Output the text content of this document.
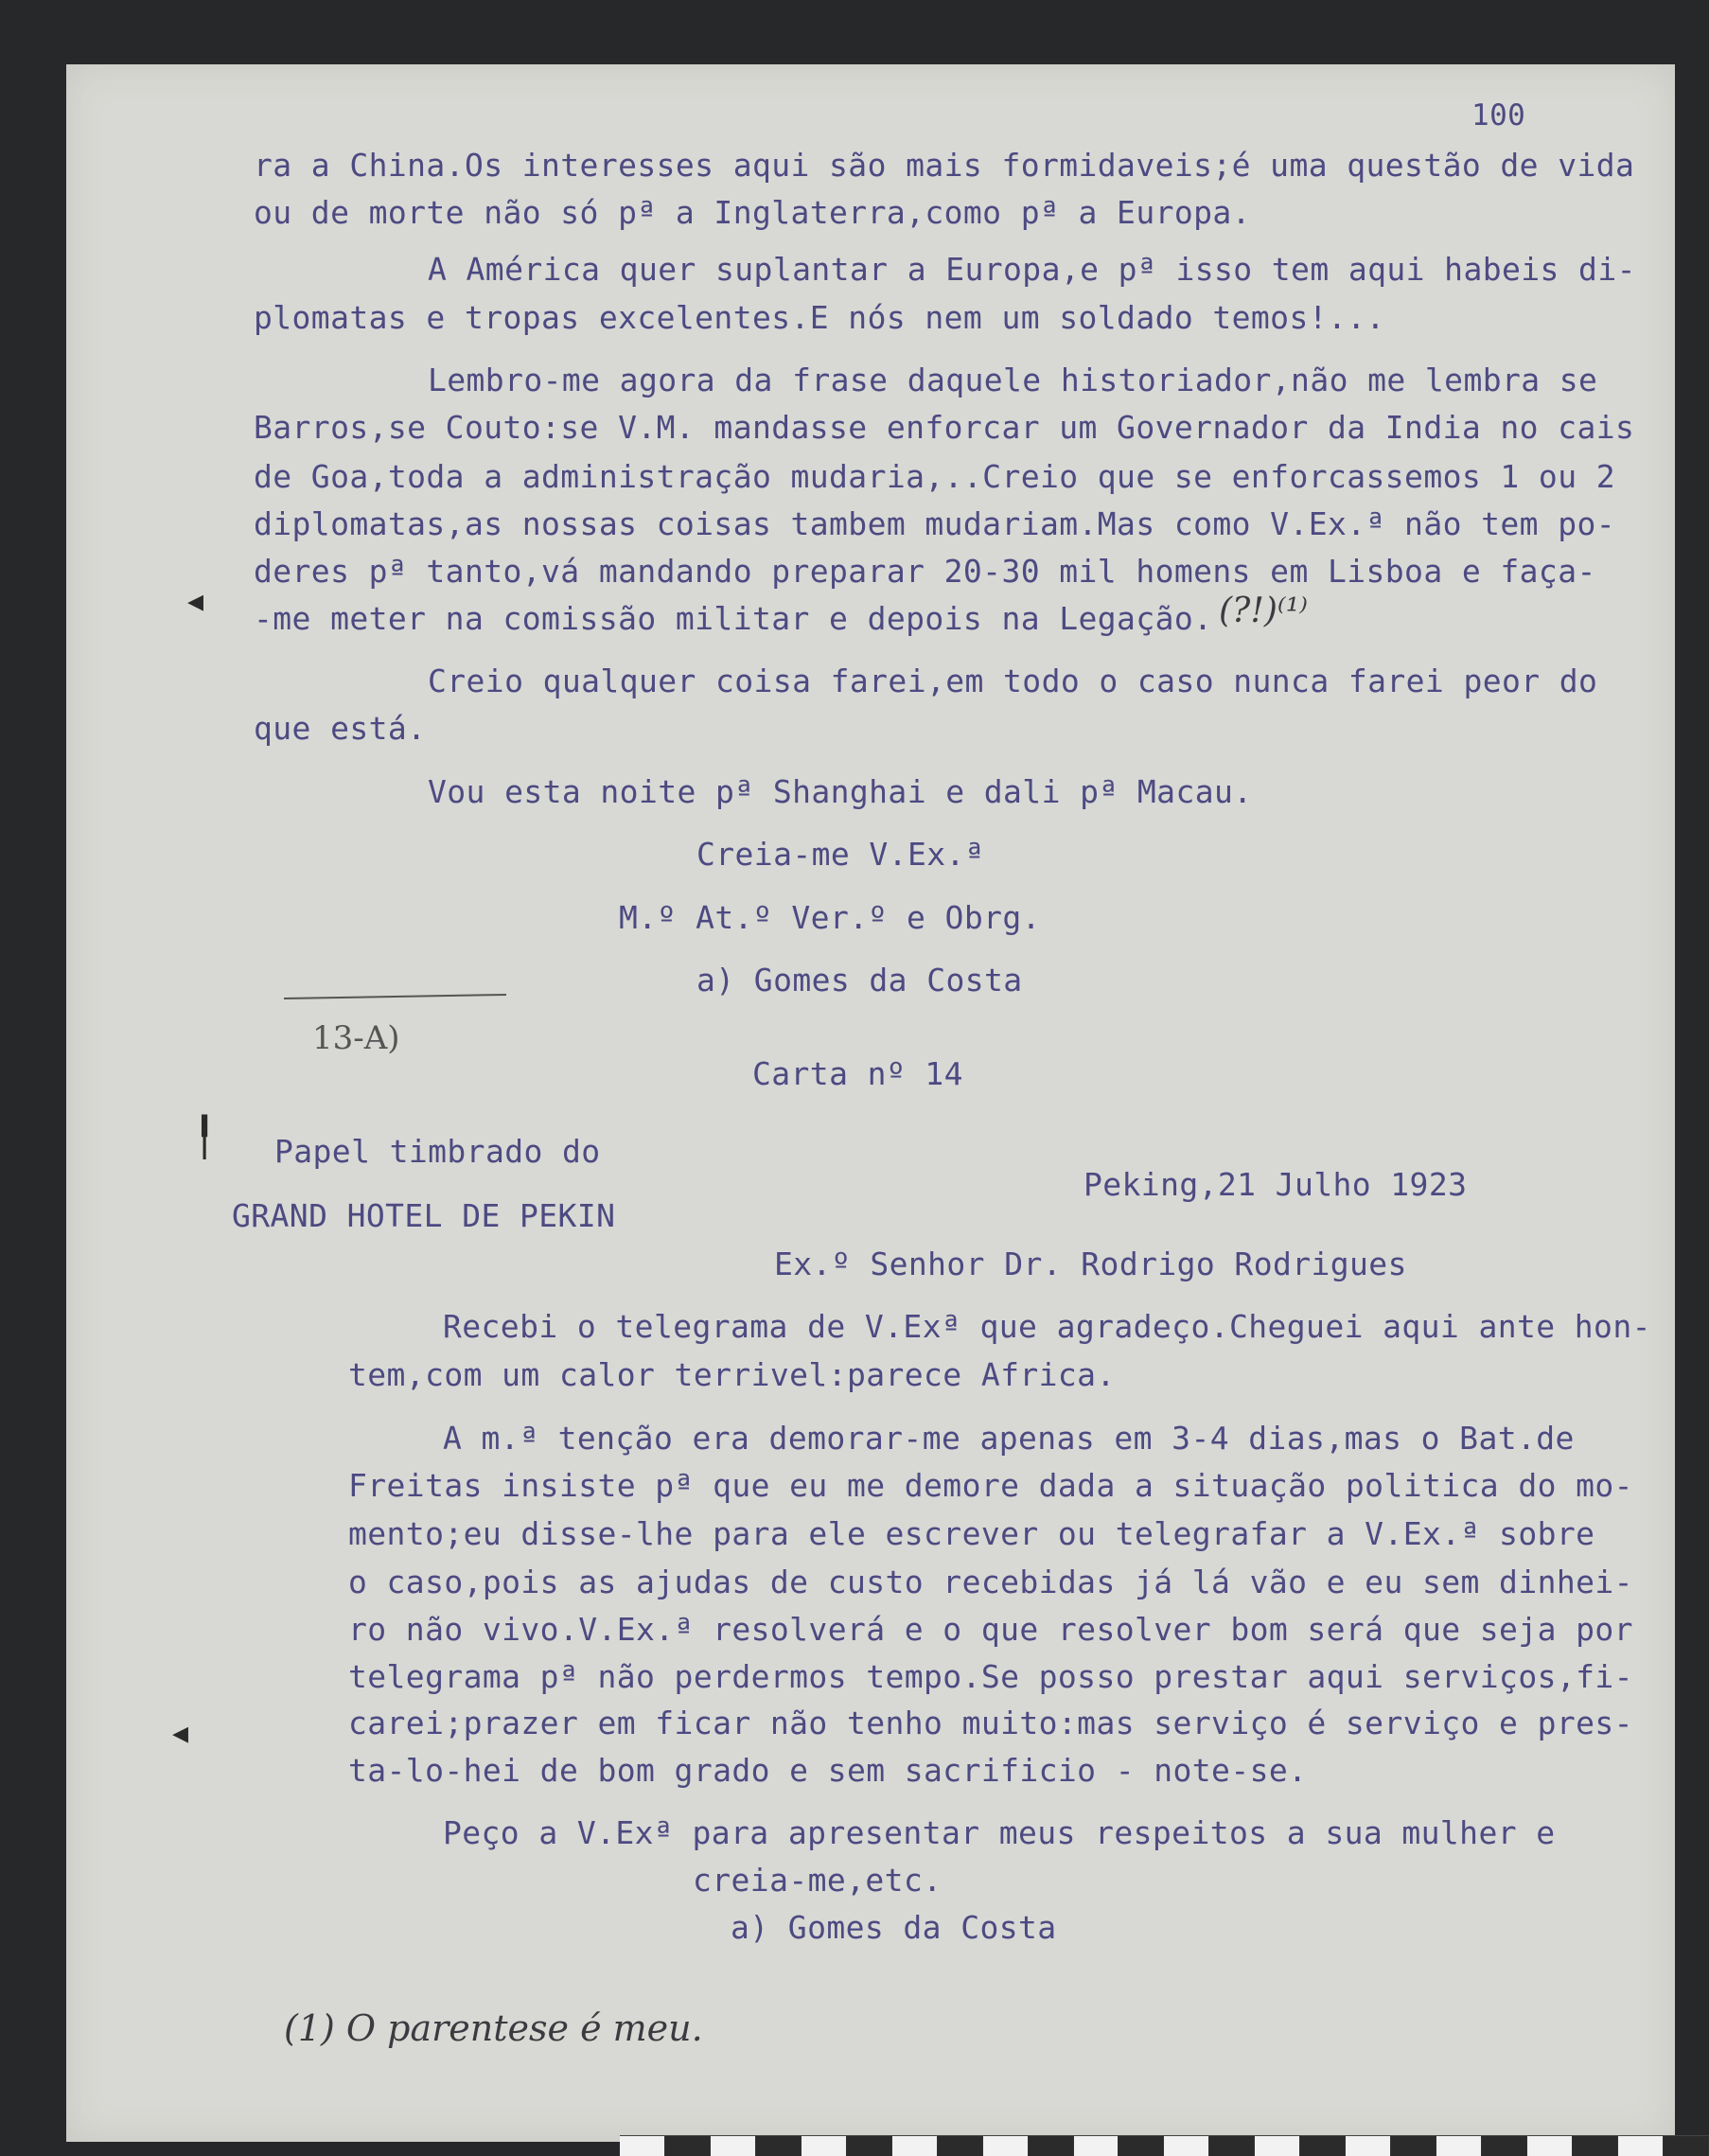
100
ra a China.Os interesses aqui são mais formidaveis;é uma questão de vida
ou de morte não só pª a Inglaterra,como pª a Europa.
A América quer suplantar a Europa,e pª isso tem aqui habeis di-
plomatas e tropas excelentes.E nós nem um soldado temos!...
Lembro-me agora da frase daquele historiador,não me lembra se
Barros,se Couto:se V.M. mandasse enforcar um Governador da India no cais
de Goa,toda a administração mudaria,..Creio que se enforcassemos 1 ou 2
diplomatas,as nossas coisas tambem mudariam.Mas como V.Ex.ª não tem po-
deres pª tanto,vá mandando preparar 20-30 mil homens em Lisboa e faça-
-me meter na comissão militar e depois na Legação. (?!)⁽¹⁾
Creio qualquer coisa farei,em todo o caso nunca farei peor do
que está.
Vou esta noite pª Shanghai e dali pª Macau.
Creia-me V.Ex.ª
M.º At.º Ver.º e Obrg.
a) Gomes da Costa
13-A)
Carta nº 14
Papel timbrado do
Peking,21 Julho 1923
GRAND HOTEL DE PEKIN
Ex.º Senhor Dr. Rodrigo Rodrigues
Recebi o telegrama de V.Exª que agradeço.Cheguei aqui ante hon-
tem,com um calor terrivel:parece Africa.
A m.ª tenção era demorar-me apenas em 3-4 dias,mas o Bat.de
Freitas insiste pª que eu me demore dada a situação politica do mo-
mento;eu disse-lhe para ele escrever ou telegrafar a V.Ex.ª sobre
o caso,pois as ajudas de custo recebidas já lá vão e eu sem dinhei-
ro não vivo.V.Ex.ª resolverá e o que resolver bom será que seja por
telegrama pª não perdermos tempo.Se posso prestar aqui serviços,fi-
carei;prazer em ficar não tenho muito:mas serviço é serviço e pres-
ta-lo-hei de bom grado e sem sacrificio - note-se.
Peço a V.Exª para apresentar meus respeitos a sua mulher e
creia-me,etc.
a) Gomes da Costa
(1) O parentese é meu.
◂
╿
◂
